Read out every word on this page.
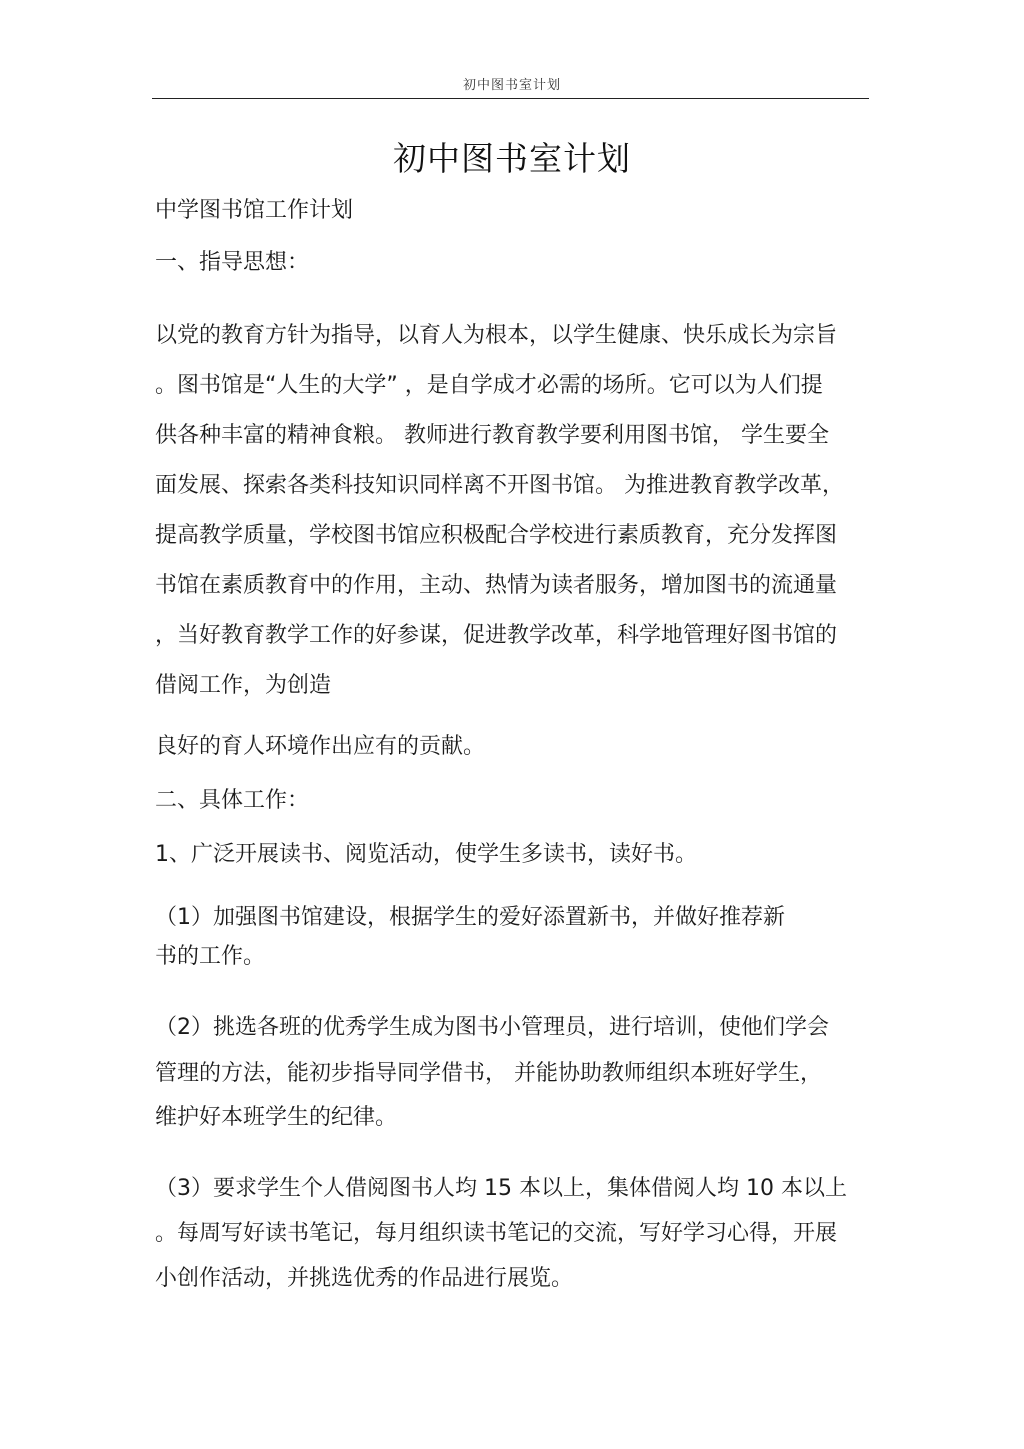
初中图书室计划
初中图书室计划
中学图书馆工作计划
一、指导思想：
以党的教育方针为指导，以育人为根本，以学生健康、快乐成长为宗旨
。图书馆是“人生的大学” ，是自学成才必需的场所。它可以为人们提
供各种丰富的精神食粮。 教师进行教育教学要利用图书馆， 学生要全
面发展、探索各类科技知识同样离不开图书馆。 为推进教育教学改革，
提高教学质量，学校图书馆应积极配合学校进行素质教育，充分发挥图
书馆在素质教育中的作用，主动、热情为读者服务，增加图书的流通量
，当好教育教学工作的好参谋，促进教学改革，科学地管理好图书馆的
借阅工作，为创造
良好的育人环境作出应有的贡献。
二、具体工作：
1、广泛开展读书、阅览活动，使学生多读书，读好书。
（1）加强图书馆建设，根据学生的爱好添置新书，并做好推荐新
书的工作。
（2）挑选各班的优秀学生成为图书小管理员，进行培训，使他们学会
管理的方法，能初步指导同学借书， 并能协助教师组织本班好学生，
维护好本班学生的纪律。
（3）要求学生个人借阅图书人均 15 本以上，集体借阅人均 10 本以上
。每周写好读书笔记，每月组织读书笔记的交流，写好学习心得，开展
小创作活动，并挑选优秀的作品进行展览。
